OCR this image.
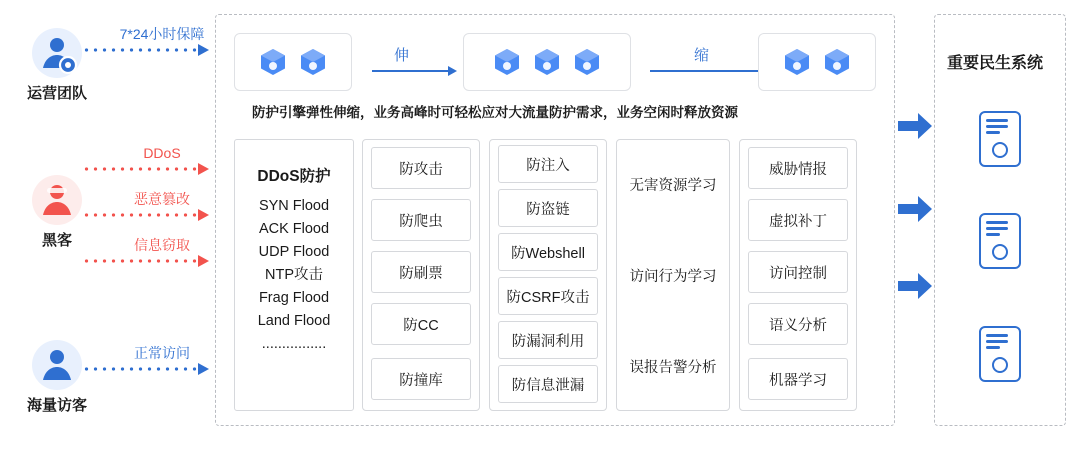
运营团队
7*24小时保障
黑客
DDoS
恶意篡改
信息窃取
海量访客
正常访问
伸	缩
防护引擎弹性伸缩，业务高峰时可轻松应对大流量防护需求，业务空闲时释放资源
DDoS防护
SYN Flood
ACK Flood
UDP Flood
NTP攻击
Frag Flood
Land Flood
................
防攻击
防爬虫
防刷票
防CC
防撞库
防注入
防盗链
防Webshell
防CSRF攻击
防漏洞利用
防信息泄漏
无害资源学习
访问行为学习
误报告警分析
威胁情报
虚拟补丁
访问控制
语义分析
机器学习
重要民生系统
